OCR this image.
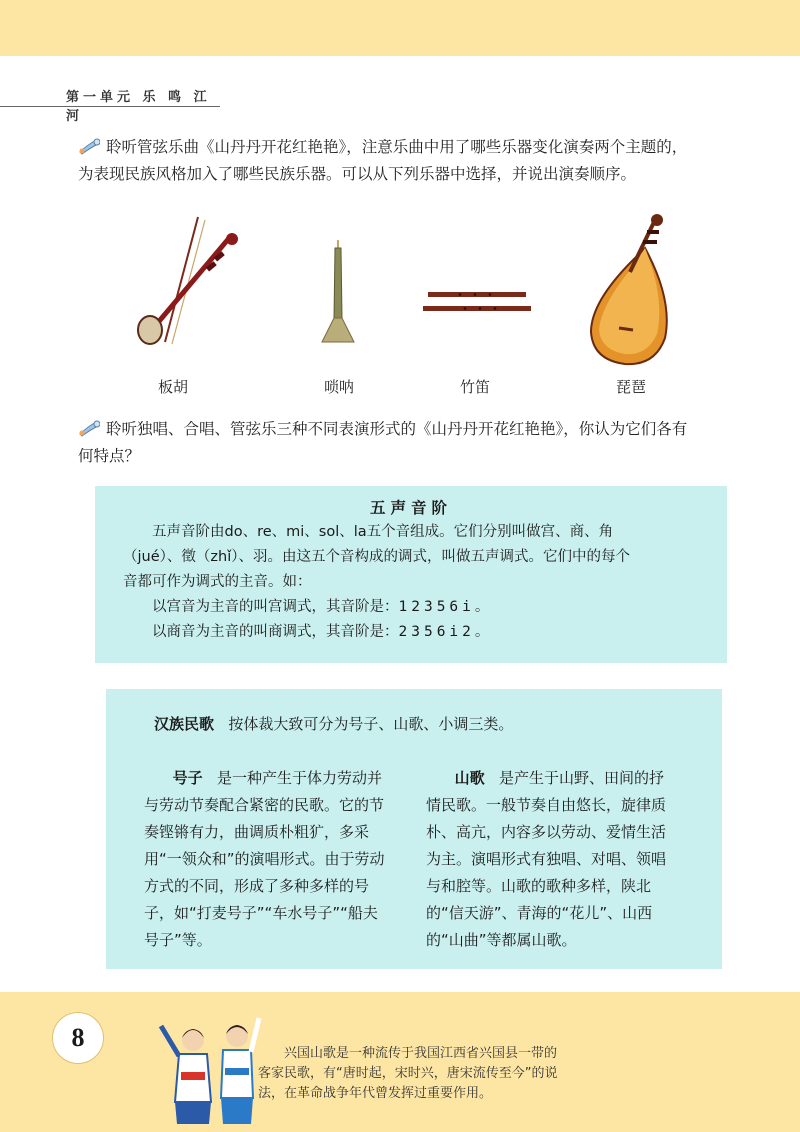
第一单元 乐 鸣 江 河
聆听管弦乐曲《山丹丹开花红艳艳》，注意乐曲中用了哪些乐器变化演奏两个主题的，
为表现民族风格加入了哪些民族乐器。可以从下列乐器中选择，并说出演奏顺序。
板胡	唢呐	竹笛	琵琶
聆听独唱、合唱、管弦乐三种不同表演形式的《山丹丹开花红艳艳》，你认为它们各有
何特点？
五声音阶
五声音阶由do、re、mi、sol、la五个音组成。它们分别叫做宫、商、角
（jué）、徵（zhǐ）、羽。由这五个音构成的调式，叫做五声调式。它们中的每个
音都可作为调式的主音。如：
以宫音为主音的叫宫调式，其音阶是：12356i。
以商音为主音的叫商调式，其音阶是：2356i2。
汉族民歌 按体裁大致可分为号子、山歌、小调三类。
号子 是一种产生于体力劳动并与劳动节奏配合紧密的民歌。它的节奏铿锵有力，曲调质朴粗犷，多采用“一领众和”的演唱形式。由于劳动方式的不同，形成了多种多样的号子，如“打麦号子”“车水号子”“船夫号子”等。
山歌 是产生于山野、田间的抒情民歌。一般节奏自由悠长，旋律质朴、高亢，内容多以劳动、爱情生活为主。演唱形式有独唱、对唱、领唱与和腔等。山歌的歌种多样，陕北的“信天游”、青海的“花儿”、山西的“山曲”等都属山歌。
8
兴国山歌是一种流传于我国江西省兴国县一带的
客家民歌，有“唐时起，宋时兴，唐宋流传至今”的说
法，在革命战争年代曾发挥过重要作用。
